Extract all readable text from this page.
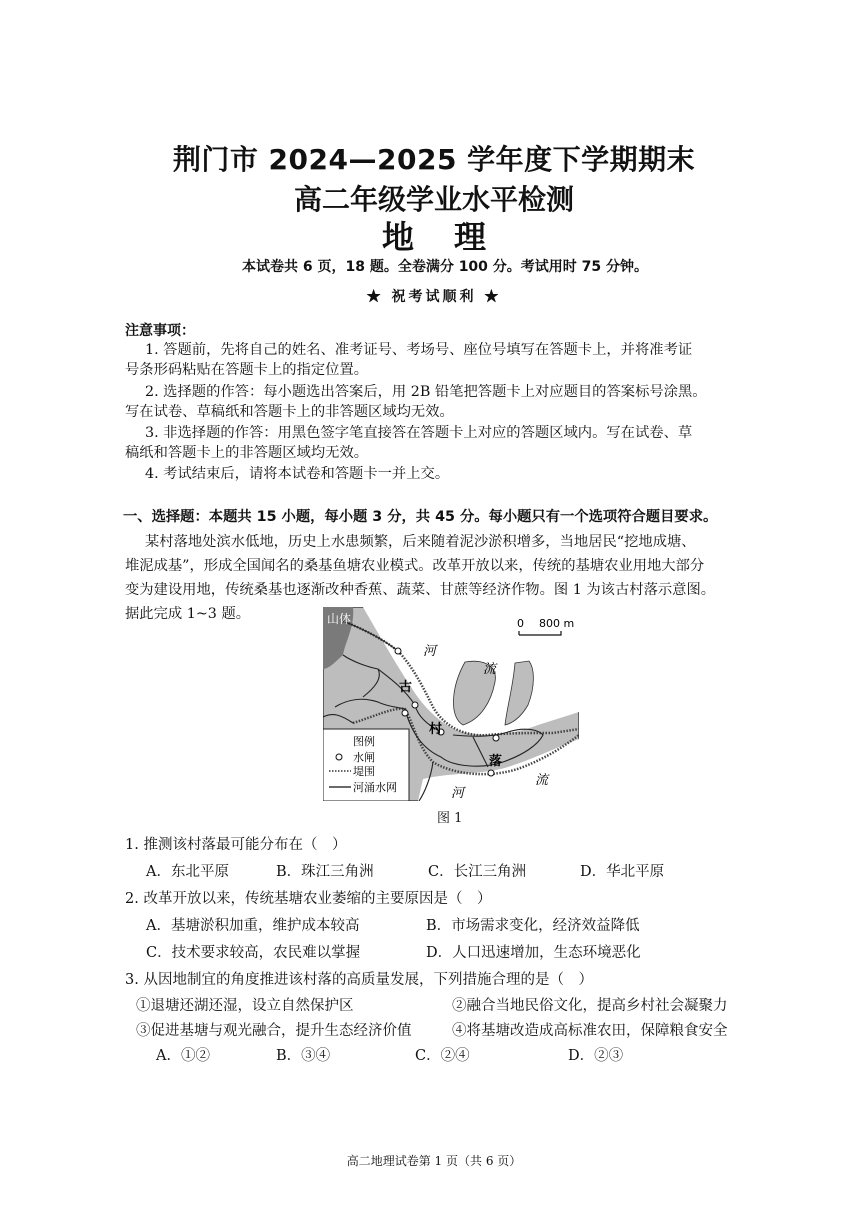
荆门市 2024—2025 学年度下学期期末
高二年级学业水平检测
地理
本试卷共 6 页，18 题。全卷满分 100 分。考试用时 75 分钟。
★ 祝考试顺利 ★
注意事项：
1. 答题前，先将自己的姓名、准考证号、考场号、座位号填写在答题卡上，并将准考证
号条形码粘贴在答题卡上的指定位置。
2. 选择题的作答：每小题选出答案后，用 2B 铅笔把答题卡上对应题目的答案标号涂黑。
写在试卷、草稿纸和答题卡上的非答题区域均无效。
3. 非选择题的作答：用黑色签字笔直接答在答题卡上对应的答题区域内。写在试卷、草
稿纸和答题卡上的非答题区域均无效。
4. 考试结束后，请将本试卷和答题卡一并上交。
一、选择题：本题共 15 小题，每小题 3 分，共 45 分。每小题只有一个选项符合题目要求。
某村落地处滨水低地，历史上水患频繁，后来随着泥沙淤积增多，当地居民“挖地成塘、
堆泥成基”，形成全国闻名的桑基鱼塘农业模式。改革开放以来，传统的基塘农业用地大部分
变为建设用地，传统桑基也逐渐改种香蕉、蔬菜、甘蔗等经济作物。图 1 为该古村落示意图。
据此完成 1~3 题。	山体
河
流
流
河
古
村
落
0 800 m
图例
水闸
堤围
河涌水网
图 1
1. 推测该村落最可能分布在（　）
A．东北平原	B．珠江三角洲	C．长江三角洲	D．华北平原
2. 改革开放以来，传统基塘农业萎缩的主要原因是（　）
A．基塘淤积加重，维护成本较高	B．市场需求变化，经济效益降低
C．技术要求较高，农民难以掌握	D．人口迅速增加，生态环境恶化
3. 从因地制宜的角度推进该村落的高质量发展，下列措施合理的是（　）
①退塘还湖还湿，设立自然保护区	②融合当地民俗文化，提高乡村社会凝聚力
③促进基塘与观光融合，提升生态经济价值	④将基塘改造成高标准农田，保障粮食安全
A．①②	B．③④	C．②④	D．②③
高二地理试卷第 1 页（共 6 页）
